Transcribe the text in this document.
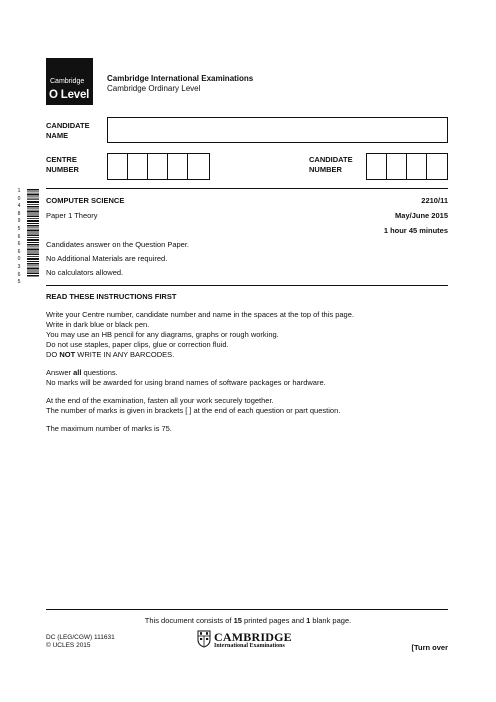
Cambridge
O Level
Cambridge International Examinations
Cambridge Ordinary Level
CANDIDATE
NAME
CENTRE
NUMBER
CANDIDATE
NUMBER
1
0
4
8
9
5
6
6
6
0
3
6
5
COMPUTER SCIENCE	2210/11
Paper 1 Theory	May/June 2015
1 hour 45 minutes
Candidates answer on the Question Paper.
No Additional Materials are required.
No calculators allowed.
READ THESE INSTRUCTIONS FIRST
Write your Centre number, candidate number and name in the spaces at the top of this page.
Write in dark blue or black pen.
You may use an HB pencil for any diagrams, graphs or rough working.
Do not use staples, paper clips, glue or correction fluid.
DO NOT WRITE IN ANY BARCODES.
Answer all questions.
No marks will be awarded for using brand names of software packages or hardware.
At the end of the examination, fasten all your work securely together.
The number of marks is given in brackets [ ] at the end of each question or part question.
The maximum number of marks is 75.
This document consists of 15 printed pages and 1 blank page.
DC (LEG/CGW) 111631
© UCLES 2015
CAMBRIDGE
International Examinations	[Turn over
